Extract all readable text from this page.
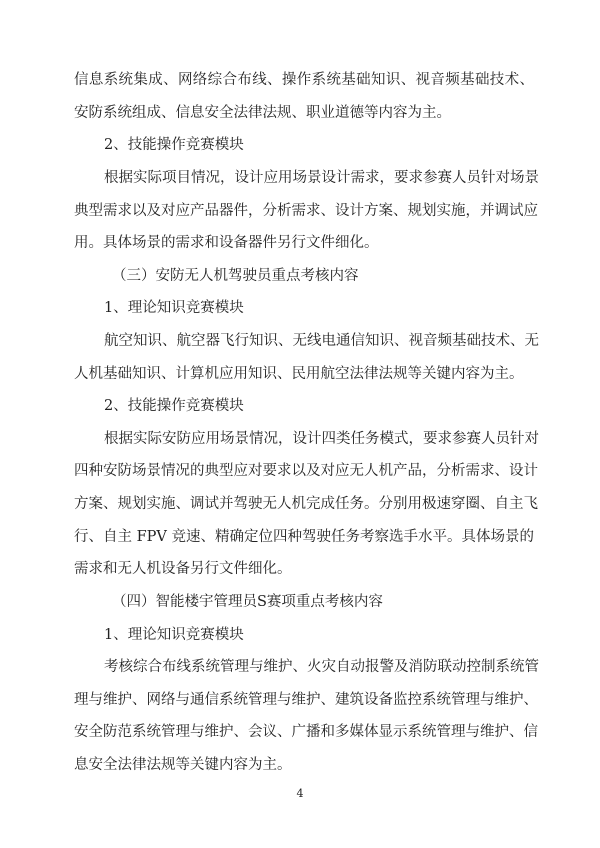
信息系统集成、网络综合布线、操作系统基础知识、视音频基础技术、
安防系统组成、信息安全法律法规、职业道德等内容为主。
2、技能操作竞赛模块
根据实际项目情况，设计应用场景设计需求，要求参赛人员针对场景
典型需求以及对应产品器件，分析需求、设计方案、规划实施，并调试应
用。具体场景的需求和设备器件另行文件细化。
（三）安防无人机驾驶员重点考核内容
1、理论知识竞赛模块
航空知识、航空器飞行知识、无线电通信知识、视音频基础技术、无
人机基础知识、计算机应用知识、民用航空法律法规等关键内容为主。
2、技能操作竞赛模块
根据实际安防应用场景情况，设计四类任务模式，要求参赛人员针对
四种安防场景情况的典型应对要求以及对应无人机产品，分析需求、设计
方案、规划实施、调试并驾驶无人机完成任务。分别用极速穿圈、自主飞
行、自主 FPV 竞速、精确定位四种驾驶任务考察选手水平。具体场景的
需求和无人机设备另行文件细化。
（四）智能楼宇管理员S赛项重点考核内容
1、理论知识竞赛模块
考核综合布线系统管理与维护、火灾自动报警及消防联动控制系统管
理与维护、网络与通信系统管理与维护、建筑设备监控系统管理与维护、
安全防范系统管理与维护、会议、广播和多媒体显示系统管理与维护、信
息安全法律法规等关键内容为主。
4
